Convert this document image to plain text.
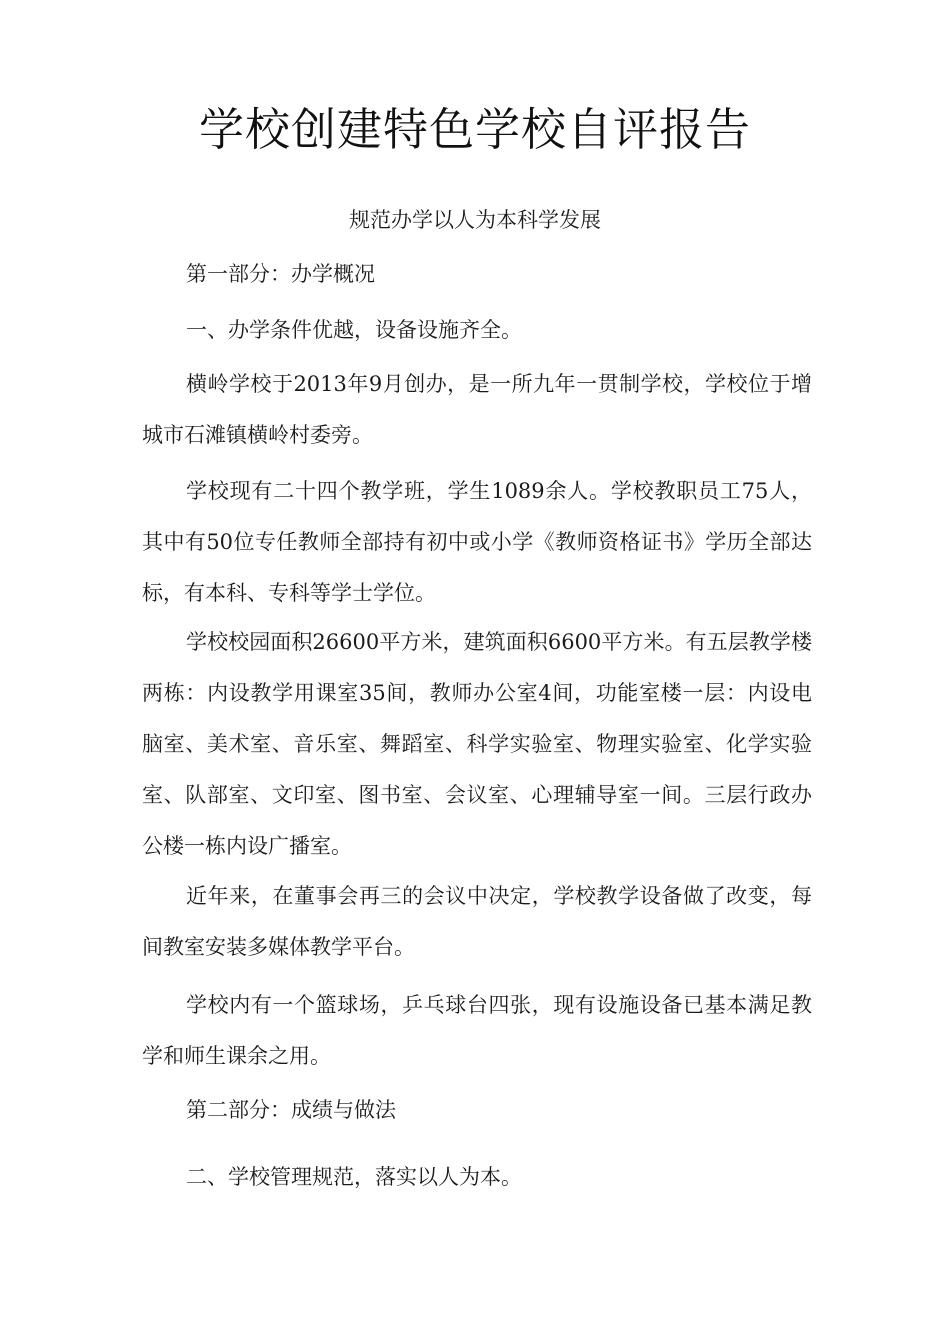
学校创建特色学校自评报告
规范办学以人为本科学发展

第一部分：办学概况

一、办学条件优越，设备设施齐全。

横岭学校于2013年9月创办，是一所九年一贯制学校，学校位于增城市石滩镇横岭村委旁。

学校现有二十四个教学班，学生1089余人。学校教职员工75人，其中有50位专任教师全部持有初中或小学《教师资格证书》学历全部达标，有本科、专科等学士学位。

学校校园面积26600平方米，建筑面积6600平方米。有五层教学楼两栋：内设教学用课室35间，教师办公室4间，功能室楼一层：内设电脑室、美术室、音乐室、舞蹈室、科学实验室、物理实验室、化学实验室、队部室、文印室、图书室、会议室、心理辅导室一间。三层行政办公楼一栋内设广播室。

近年来，在董事会再三的会议中决定，学校教学设备做了改变，每间教室安装多媒体教学平台。

学校内有一个篮球场，乒乓球台四张，现有设施设备已基本满足教学和师生课余之用。

第二部分：成绩与做法

二、学校管理规范，落实以人为本。
